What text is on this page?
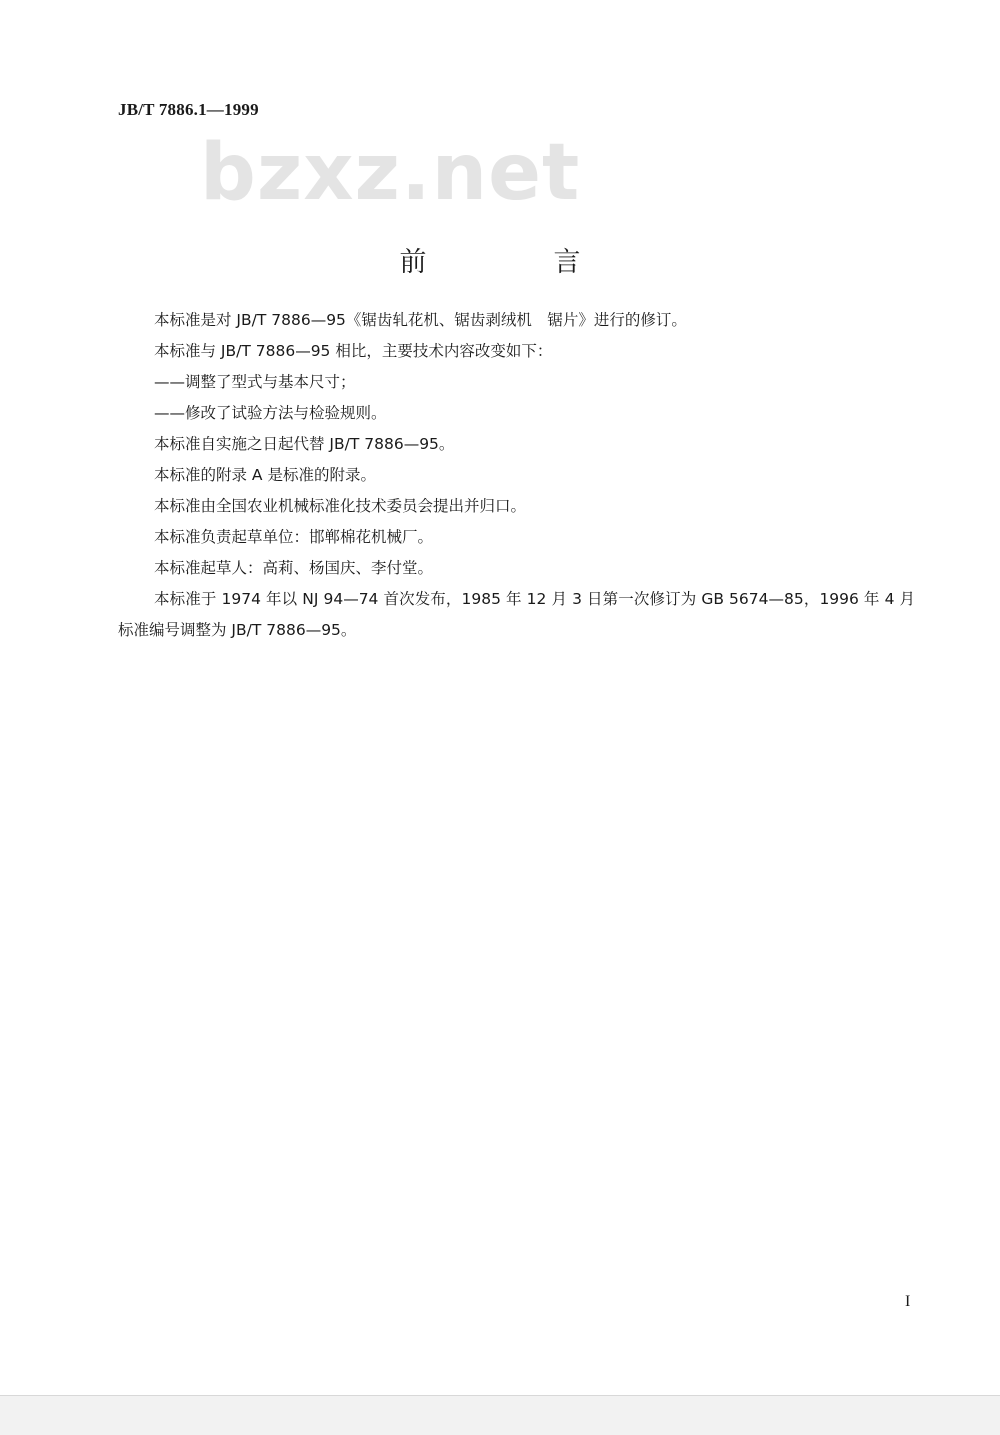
JB/T 7886.1—1999
bzxz.net
前　言

本标准是对 JB/T 7886—95《锯齿轧花机、锯齿剥绒机　锯片》进行的修订。

本标准与 JB/T 7886—95 相比，主要技术内容改变如下：

——调整了型式与基本尺寸；

——修改了试验方法与检验规则。

本标准自实施之日起代替 JB/T 7886—95。

本标准的附录 A 是标准的附录。

本标准由全国农业机械标准化技术委员会提出并归口。

本标准负责起草单位：邯郸棉花机械厂。

本标准起草人：高莉、杨国庆、李付堂。

本标准于 1974 年以 NJ 94—74 首次发布，1985 年 12 月 3 日第一次修订为 GB 5674—85，1996 年 4 月标准编号调整为 JB/T 7886—95。

I
